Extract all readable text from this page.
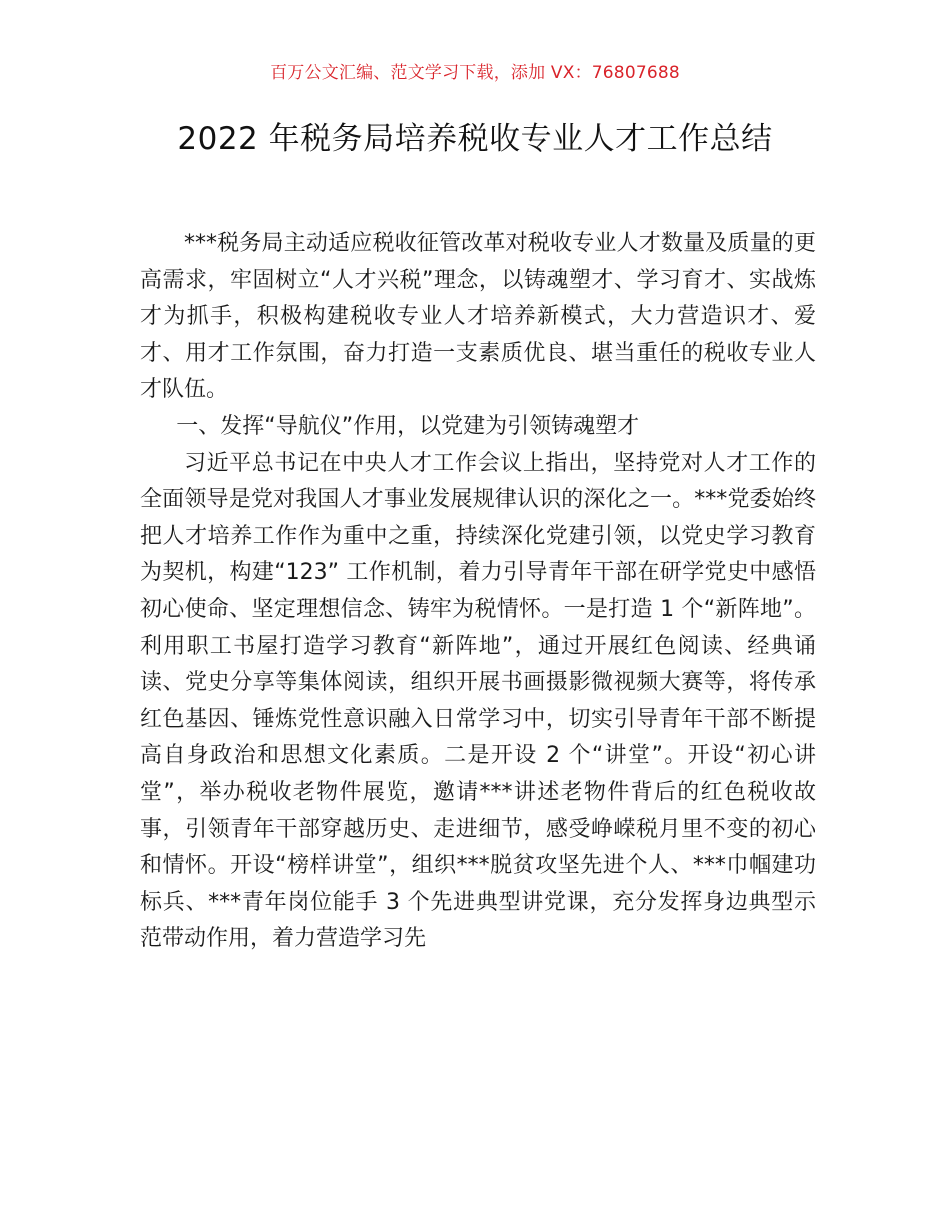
百万公文汇编、范文学习下载，添加 VX：76807688
2022 年税务局培养税收专业人才工作总结

***税务局主动适应税收征管改革对税收专业人才数量及质量的更高需求，牢固树立“人才兴税”理念，以铸魂塑才、学习育才、实战炼才为抓手，积极构建税收专业人才培养新模式，大力营造识才、爱才、用才工作氛围，奋力打造一支素质优良、堪当重任的税收专业人才队伍。

一、发挥“导航仪”作用，以党建为引领铸魂塑才

习近平总书记在中央人才工作会议上指出，坚持党对人才工作的全面领导是党对我国人才事业发展规律认识的深化之一。***党委始终把人才培养工作作为重中之重，持续深化党建引领，以党史学习教育为契机，构建“123” 工作机制，着力引导青年干部在研学党史中感悟初心使命、坚定理想信念、铸牢为税情怀。一是打造 1 个“新阵地”。利用职工书屋打造学习教育“新阵地”，通过开展红色阅读、经典诵读、党史分享等集体阅读，组织开展书画摄影微视频大赛等，将传承红色基因、锤炼党性意识融入日常学习中，切实引导青年干部不断提高自身政治和思想文化素质。二是开设 2 个“讲堂”。开设“初心讲堂”，举办税收老物件展览，邀请***讲述老物件背后的红色税收故事，引领青年干部穿越历史、走进细节，感受峥嵘税月里不变的初心和情怀。开设“榜样讲堂”，组织***脱贫攻坚先进个人、***巾帼建功标兵、***青年岗位能手 3 个先进典型讲党课，充分发挥身边典型示范带动作用，着力营造学习先
